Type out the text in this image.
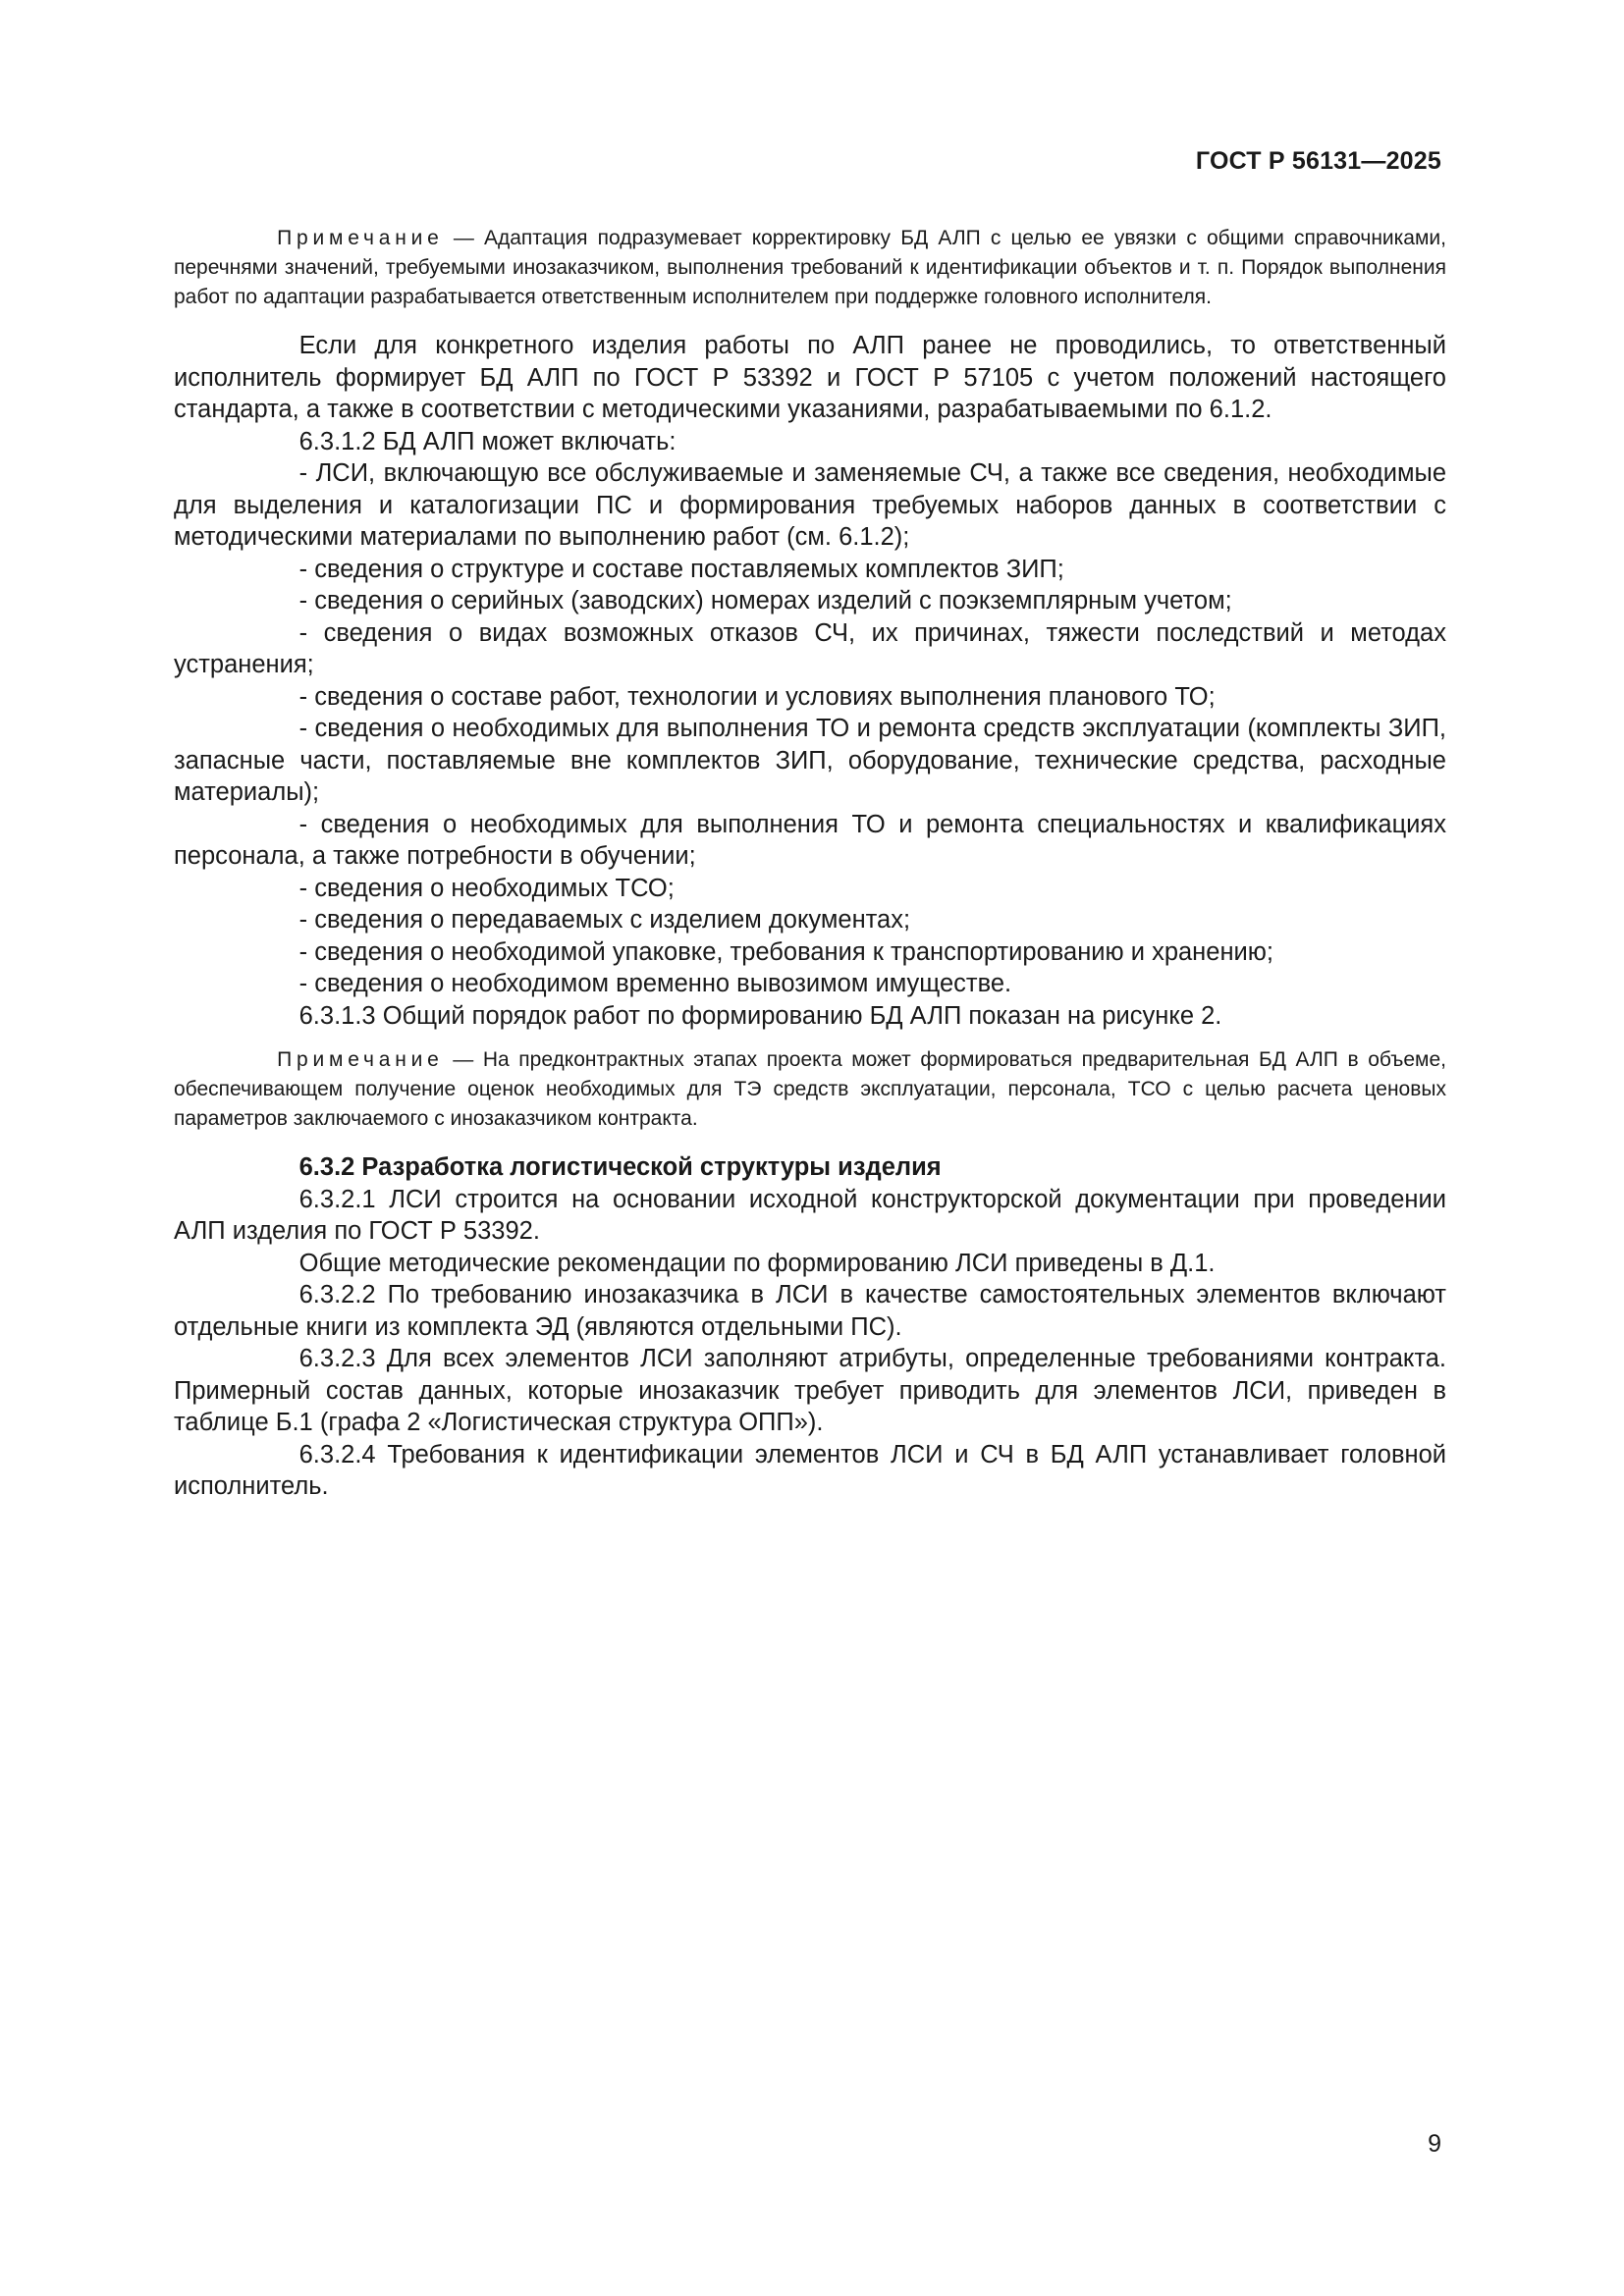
ГОСТ Р 56131—2025

Примечание — Адаптация подразумевает корректировку БД АЛП с целью ее увязки с общими справочниками, перечнями значений, требуемыми инозаказчиком, выполнения требований к идентификации объектов и т. п. Порядок выполнения работ по адаптации разрабатывается ответственным исполнителем при поддержке головного исполнителя.

Если для конкретного изделия работы по АЛП ранее не проводились, то ответственный исполнитель формирует БД АЛП по ГОСТ Р 53392 и ГОСТ Р 57105 с учетом положений настоящего стандарта, а также в соответствии с методическими указаниями, разрабатываемыми по 6.1.2.

6.3.1.2 БД АЛП может включать:

- ЛСИ, включающую все обслуживаемые и заменяемые СЧ, а также все сведения, необходимые для выделения и каталогизации ПС и формирования требуемых наборов данных в соответствии с методическими материалами по выполнению работ (см. 6.1.2);

- сведения о структуре и составе поставляемых комплектов ЗИП;

- сведения о серийных (заводских) номерах изделий с поэкземплярным учетом;

- сведения о видах возможных отказов СЧ, их причинах, тяжести последствий и методах устранения;

- сведения о составе работ, технологии и условиях выполнения планового ТО;

- сведения о необходимых для выполнения ТО и ремонта средств эксплуатации (комплекты ЗИП, запасные части, поставляемые вне комплектов ЗИП, оборудование, технические средства, расходные материалы);

- сведения о необходимых для выполнения ТО и ремонта специальностях и квалификациях персонала, а также потребности в обучении;

- сведения о необходимых ТСО;

- сведения о передаваемых с изделием документах;

- сведения о необходимой упаковке, требования к транспортированию и хранению;

- сведения о необходимом временно вывозимом имуществе.

6.3.1.3 Общий порядок работ по формированию БД АЛП показан на рисунке 2.

Примечание — На предконтрактных этапах проекта может формироваться предварительная БД АЛП в объеме, обеспечивающем получение оценок необходимых для ТЭ средств эксплуатации, персонала, ТСО с целью расчета ценовых параметров заключаемого с инозаказчиком контракта.

6.3.2 Разработка логистической структуры изделия

6.3.2.1 ЛСИ строится на основании исходной конструкторской документации при проведении АЛП изделия по ГОСТ Р 53392.

Общие методические рекомендации по формированию ЛСИ приведены в Д.1.

6.3.2.2 По требованию инозаказчика в ЛСИ в качестве самостоятельных элементов включают отдельные книги из комплекта ЭД (являются отдельными ПС).

6.3.2.3 Для всех элементов ЛСИ заполняют атрибуты, определенные требованиями контракта. Примерный состав данных, которые инозаказчик требует приводить для элементов ЛСИ, приведен в таблице Б.1 (графа 2 «Логистическая структура ОПП»).

6.3.2.4 Требования к идентификации элементов ЛСИ и СЧ в БД АЛП устанавливает головной исполнитель.

9
